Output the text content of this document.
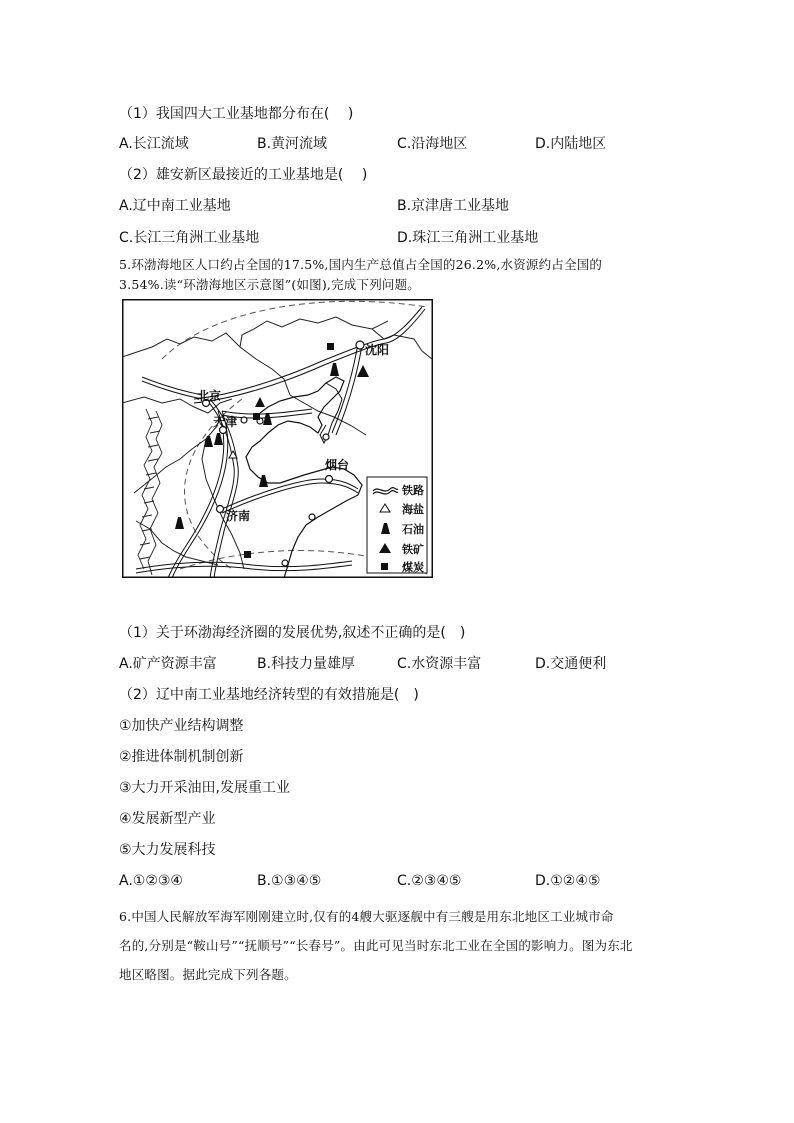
（1）我国四大工业基地都分布在(　 )
A.长江流域	B.黄河流域	C.沿海地区	D.内陆地区
（2）雄安新区最接近的工业基地是(　 )
A.辽中南工业基地	B.京津唐工业基地
C.长江三角洲工业基地	D.珠江三角洲工业基地
5.环渤海地区人口约占全国的17.5%,国内生产总值占全国的26.2%,水资源约占全国的
3.54%.读“环渤海地区示意图”(如图),完成下列问题。
北京
天津
沈阳
烟台
济南
铁路
海盐
石油
铁矿
煤炭
（1）关于环渤海经济圈的发展优势,叙述不正确的是(　)
A.矿产资源丰富	B.科技力量雄厚	C.水资源丰富	D.交通便利
（2）辽中南工业基地经济转型的有效措施是(　)
①加快产业结构调整
②推进体制机制创新
③大力开采油田,发展重工业
④发展新型产业
⑤大力发展科技
A.①②③④	B.①③④⑤	C.②③④⑤	D.①②④⑤
6.中国人民解放军海军刚刚建立时,仅有的4艘大驱逐舰中有三艘是用东北地区工业城市命
名的,分别是“鞍山号”“抚顺号”“长春号”。由此可见当时东北工业在全国的影响力。图为东北
地区略图。据此完成下列各题。
